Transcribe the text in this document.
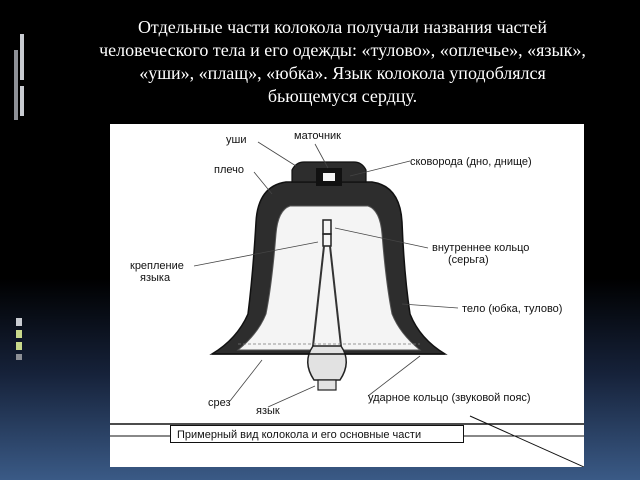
Отдельные части колокола получали названия частей
человеческого тела и его одежды: «тулово», «оплечье», «язык»,
«уши», «плащ», «юбка». Язык колокола уподоблялся
бьющемуся сердцу.
уши	маточник
сковорода (дно, днище)
плечо
внутреннее кольцо
(серьга)
крепление
языка
тело (юбка, тулово)
срез
язык
ударное кольцо (звуковой пояс)
Примерный вид колокола и его основные части
